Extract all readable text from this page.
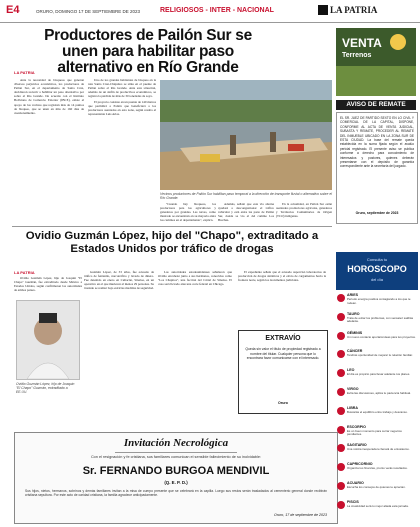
E4	ORURO, DOMINGO 17 DE SEPTIEMBRE DE 2023	RELIGIOSOS - INTER - NACIONAL	LA PATRIA
Productores de Pailón Sur se unen para habilitar paso alternativo en Río Grande
LA PATRIA

Ante la necesidad de bloqueos que generan diversos perjuicios económicos, los productores de Pailón Sur, en el departamento de Santa Cruz, decidieron recurrir a habilitar un paso alternativo por sobre el Río Grande. De acuerdo con el Instituto Boliviano de Comercio Exterior (IBCE), existe el apoyo de los vecinos que registran más de 14 puntos de bloqueo, que se unen en más de 160 días de cuestionamiento.

Uno de los grandes habitantes de bloqueo en la ruta Santa Cruz-Chiquitos se sitúa en el puente de Pailón sobre el Río Grande. Ante esta situación, además de un sinfín de productivos económicos, se registra la pérdida de más de 30 toneladas de soya.

El proyecto consiste en un puente de 140 metros que permitirá a Pailón que beneficiará a los productores asentados en esta zona, según resalta el representante Luis Arias.

Vecinos productores de Pailón Sur habilitan paso temporal a la dirección de transporte fluvial o alternativo sobre el Río Grande.

"Cuando hay bloqueos, los productores para los agricultores y ganaderos por grandes. Las naves, como ilustrado se encuentran en su mayoría entre los caminos en el departamento", explicó.

Además, señaló que esta vía alterna ayudará a descongestionar el tráfico vehicular y está entre las parte de Pailón Sur, donde se vio el del camino Los Brechas.

En la actualidad, en Pailón Sur están asentados productores agrícolas, ganaderos y Territorios Comunitarios de Origen (TCO) indígenas.

VENTA
Terrenos
AVISO DE REMATE
EL SR. JUEZ DE PARTIDO SEXTO EN LO CIVIL Y COMERCIAL DE LA CAPITAL, DISPONE, CONFORME AL ACTA DE VENTA JUDICIAL, SUBASTA Y REMATE, PROCEDER AL REMATE DEL INMUEBLE UBICADO EN LA ZONA SUR DE ESTA CIUDAD. La base del remate queda establecida en la suma fijada según el avalúo pericial registrado. El presente aviso se publica conforme a derecho para conocimiento de interesados y postores, quienes deberán presentarse con el depósito de garantía correspondiente ante la secretaría del juzgado.
Oruro, septiembre de 2023
Ovidio Guzmán López, hijo del "Chapo", extraditado a Estados Unidos por tráfico de drogas
LA PATRIA

Ovidio Guzmán López, hijo de Joaquín "El Chapo" Guzmán, fue extraditado desde México a Estados Unidos, según confirmaron las autoridades de ambos países.

Ovidio Guzmán López, hijo de Joaquín "El Chapo" Guzmán, extraditado a EE.UU.

Guzmán López, de 33 años, fue acusado de tráfico de fentanilo, narcotráfico y lavado de dinero. Fue detenido en enero en Culiacán, Sinaloa, en un operativo en el que murieron al menos 29 personas. Su traslado se realizó bajo estrictas medidas de seguridad.

Las autoridades estadounidenses señalaron que Ovidio encabezó junto a sus hermanos, conocidos como "Los Chapitos", una facción del Cártel de Sinaloa. El caso será llevado ante una corte federal en Chicago.

El expediente señala que el acusado supervisó laboratorios de producción de drogas sintéticas y el envío de cargamentos hacia la frontera norte, según los documentos judiciales.

EXTRAVÍO
Queda sin valor el título de propiedad registrado a nombre del titular. Cualquier persona que lo encontrara favor comunicarse con el interesado.
Oruro
Invitación Necrológica
Con el resignación y fe cristiana, sus familiares comunican el sensible fallecimiento de su inolvidable:
Sr. FERNANDO BURGOA MENDIVIL
(Q. E. P. D.)
Sus hijos, nietos, hermanos, sobrinos y demás familiares invitan a la misa de cuerpo presente que se celebrará en la capilla. Luego sus restos serán trasladados al cementerio general donde recibirán cristiana sepultura. Por este acto de caridad cristiana, la familia agradece anticipadamente.
Oruro, 17 de septiembre de 2023
Consulta tu
HOROSCOPO
del día
ARIES
Periodo energía positiva contagiando a los que te rodean.
TAURO
Trata de evitar los problemas, con sensatez saldrás adelante.
GÉMINIS
Un nuevo contacto aportará ideas para tus proyectos.
CÁNCER
Tendrás oportunidad de mejorar tu relación familiar.
LEO
El día es propicio para llevar adelante tus planes.
VIRGO
Evita las discusiones, aplica tu paciencia habitual.
LIBRA
Buscarás el equilibrio entre trabajo y descanso.
ESCORPIO
Es un buen momento para cerrar negocios pendientes.
SAGITARIO
Una noticia inesperada te llenará de entusiasmo.
CAPRICORNIO
Organiza tus finanzas, pronto verás resultados.
ACUARIO
Escucha los consejos de quienes te aprecian.
PISCIS
La creatividad será tu mejor aliada esta jornada.
